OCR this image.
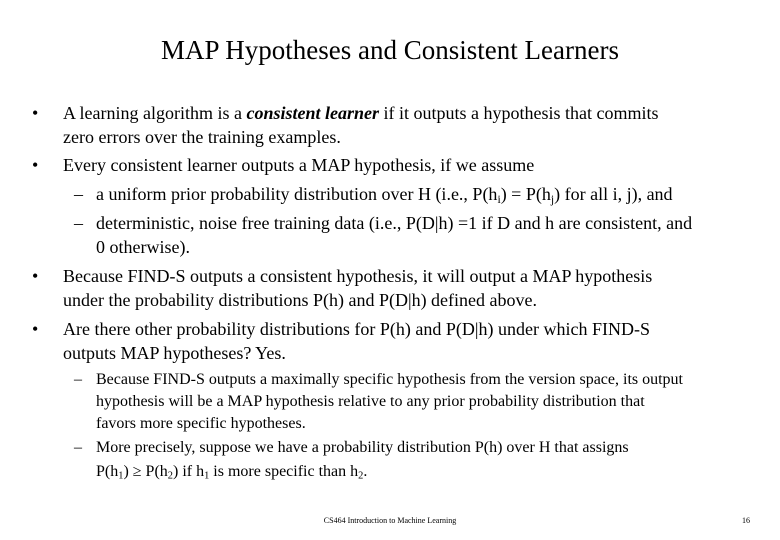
MAP Hypotheses and Consistent Learners
• A learning algorithm is a consistent learner if it outputs a hypothesis that commits
zero errors over the training examples.
• Every consistent learner outputs a MAP hypothesis, if we assume
– a uniform prior probability distribution over H (i.e., $P(h_i) = P(h_j)$ for all i, j), and
– deterministic, noise free training data (i.e., P(D|h) =1 if D and h are consistent, and
0 otherwise).
• Because FIND-S outputs a consistent hypothesis, it will output a MAP hypothesis
under the probability distributions P(h) and P(D|h) defined above.
• Are there other probability distributions for P(h) and P(D|h) under which FIND-S
outputs MAP hypotheses? Yes.
– Because FIND-S outputs a maximally specific hypothesis from the version space, its output
hypothesis will be a MAP hypothesis relative to any prior probability distribution that
favors more specific hypotheses.
– More precisely, suppose we have a probability distribution P(h) over H that assigns
$P(h_1) \ge P(h_2)$ if $h_1$ is more specific than $h_2$.
CS464 Introduction to Machine Learning	16
